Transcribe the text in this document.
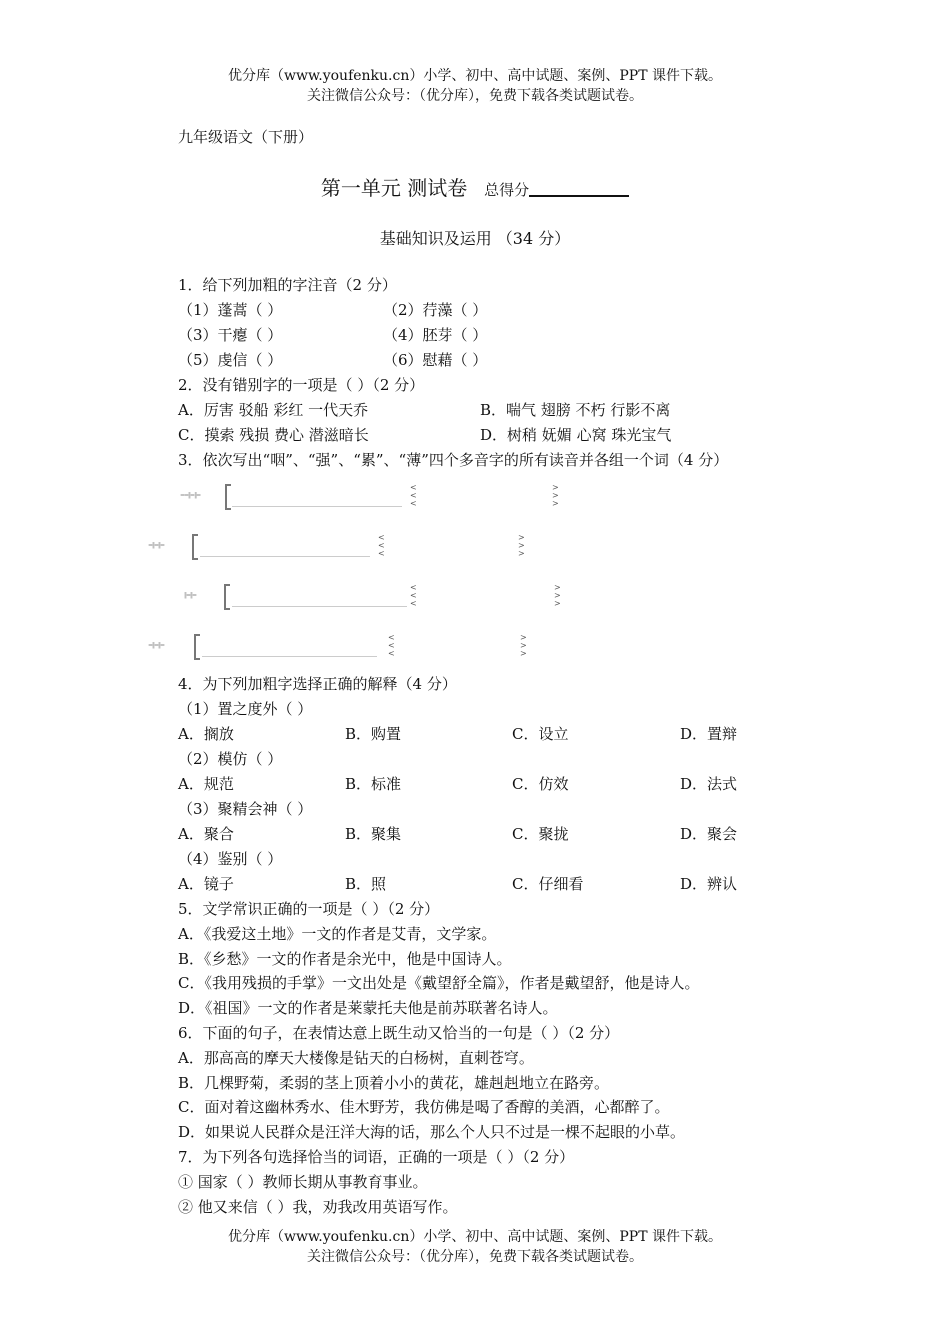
优分库（www.youfenku.cn）小学、初中、高中试题、案例、PPT 课件下载。
关注微信公众号：（优分库），免费下载各类试题试卷。
九年级语文（下册）
第一单元 测试卷 总得分
基础知识及运用 （34 分）
1．给下列加粗的字注音（2 分）
（1）蓬蒿（ ）	（2）荇藻（ ）
（3）干瘪（ ）	（4）胚芽（ ）
（5）虔信（ ）	（6）慰藉（ ）
2．没有错别字的一项是（ ）（2 分）
A．厉害 驳船 彩红 一代天乔	B．喘气 翅膀 不朽 行影不离
C．摸索 残损 费心 潜滋暗长	D．树稍 妩媚 心窝 珠光宝气
3．依次写出“咽”、“强”、“累”、“薄”四个多音字的所有读音并各组一个词（4 分）
==‖=‖=
<
<
<
>
>
>
=‖=‖=
<
<
<
>
>
>
‖=‖=
<
<
<
>
>
>
=‖=‖=
<
<
<
>
>
>
4．为下列加粗字选择正确的解释（4 分）
（1）置之度外（ ）
A．搁放	B．购置	C．设立	D．置辩
（2）模仿（ ）
A．规范	B．标准	C．仿效	D．法式
（3）聚精会神（ ）
A．聚合	B．聚集	C．聚拢	D．聚会
（4）鉴别（ ）
A．镜子	B．照	C．仔细看	D．辨认
5．文学常识正确的一项是（ ）（2 分）
A．《我爱这土地》一文的作者是艾青，文学家。
B．《乡愁》一文的作者是余光中，他是中国诗人。
C．《我用残损的手掌》一文出处是《戴望舒全篇》，作者是戴望舒，他是诗人。
D．《祖国》一文的作者是莱蒙托夫他是前苏联著名诗人。
6．下面的句子，在表情达意上既生动又恰当的一句是（ ）（2 分）
A．那高高的摩天大楼像是钻天的白杨树，直刺苍穹。
B．几棵野菊，柔弱的茎上顶着小小的黄花，雄赳赳地立在路旁。
C．面对着这幽林秀水、佳木野芳，我仿佛是喝了香醇的美酒，心都醉了。
D．如果说人民群众是汪洋大海的话，那么个人只不过是一棵不起眼的小草。
7．为下列各句选择恰当的词语，正确的一项是（ ）（2 分）
① 国家（ ）教师长期从事教育事业。
② 他又来信（ ）我，劝我改用英语写作。
优分库（www.youfenku.cn）小学、初中、高中试题、案例、PPT 课件下载。
关注微信公众号：（优分库），免费下载各类试题试卷。
